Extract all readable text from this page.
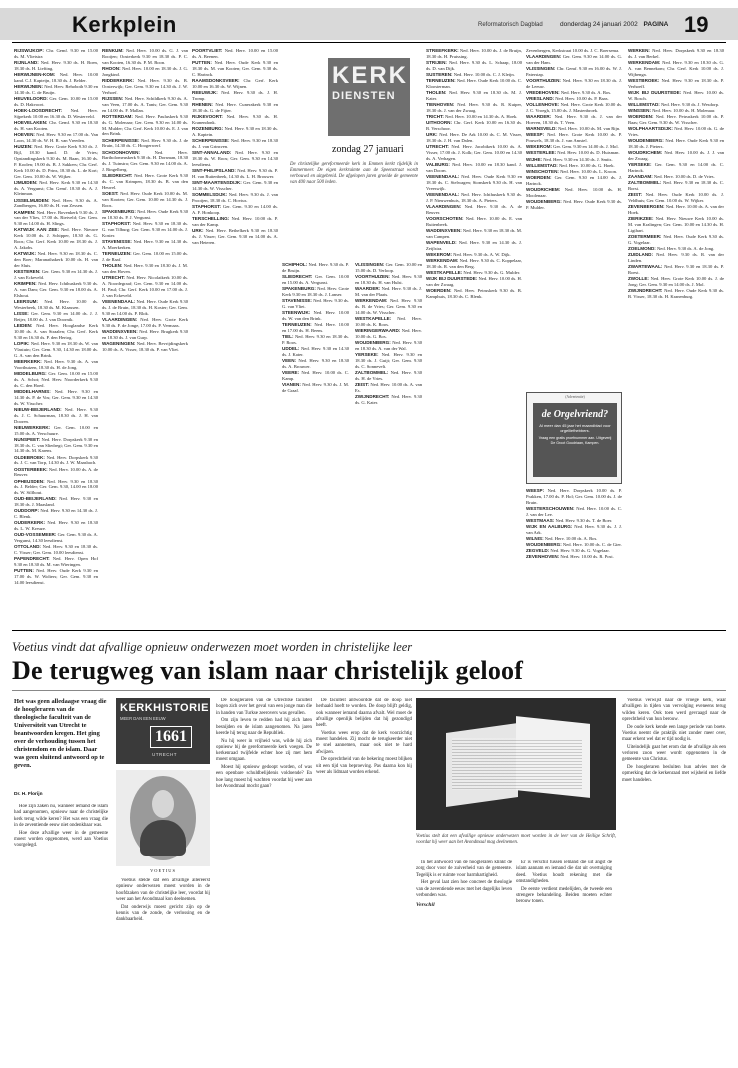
Kerkplein	Reformatorisch Dagblad	donderdag 24 januari 2002 PAGINA 19

RIJSWIJKOP: Chr. Gemf. 9.30 en 15.00 ds. M. Vlietstra

RIJNLAND: Ned. Herv. 9.30 ds. H. Boen, 18.30 ds. H. Liefting.

HERWIJNEN-KOM: Ned. Herv. 10.00 kand. C.J. Kapteijn, 18.30 ds. J. Belder.

HERWIJNEN: Ned. Herv. Rehoboth 9.30 en 14.30 ds. C. de Bruijn.

HEUVELOORD: Ger. Gem. 10.00 en 15.00 ds. D. Hakvoort.

HOEK-LOOSDRECHT: Ned. Herv. Sijpekerk 10.00 en 16.30 ds. D. Westerveld.

HOEVELAKEN: Chr. Gemf. 9.30 en 18.30 ds. H. van Kooten.

HOEVEN: Ned. Herv. 9.30 en 17.00 ds. Van Loon, 14.30 ds. W. H. R. van Vreeden.

HUIZEN: Ned. Herv. Grote Kerk 9.30 ds. J. Bijl, 18.30 kand. D. de Vries; Opstandingskerk 9.30 ds. M. Baan, 16.30 ds. P. Koolen; 19.00 ds. B. J. Sakkers; Chr. Gerf. Kerk 10.00 ds. D. Prins, 18.30 ds. L. de Kort; Ger. Gem. 10.00 ds. W. Wijker.

IJMUIDEN: Ned. Herv. Kerk 9.30 en 14.30 ds. A. Vergunst; Chr. Gemf. 18.30 ds. A. J. Kleinman.

IJSSELMUIDEN: Ned. Herv. 9.30 ds. A. Zandbergen, 16.00 ds. H. van Zessen.

KAMPEN: Ned. Herv. Bovenkerk 9.30 ds. J. van der Vlies, 17.00 ds. Rietveld; Ger. Gem. 9.30 en 14.00 ds. H. Slings.

KATWIJK AAN ZEE: Ned. Herv. Nieuwe Kerk 10.00 ds. J. Schipper, 18.30 ds. G. Roos; Chr. Gerf. Kerk 10.00 en 18.30 ds. J. A. Jakobs.

KATWIJK: Ned. Herv. 9.30 en 18.30 ds. C. den Boer; Maranathakerk 10.00 ds. H. van der Sluis.

KESTEREN: Ger. Gem. 9.30 en 14.30 ds. J. J. van Eckeveld.

KRIMPEN: Ned. Herv. Ichthuskerk 9.30 ds. A. van Dam; Ger. Gem. 9.30 en 18.00 ds. A. Elshout.

LEERSUM: Ned. Herv. 10.00 ds. Westerbeek, 18.30 ds. M. Klaassen.

LISSE: Ger. Gem. 9.30 en 14.00 ds. J. J. Beijer, 18.00 ds. J. van Doornik.

LEIDEN: Ned. Herv. Hooglandse Kerk 10.00 ds. A. van Straalen; Chr. Gerf. Kerk 9.30 en 16.30 ds. P. den Hertog.

LOPIK: Ned. Herv. 9.30 en 18.30 ds. W. van Vlastuin; Ger. Gem. 9.30, 14.30 en 18.00 ds. G. A. van den Brink.

MEERKERK: Ned. Herv. 9.30 ds. A. van Voorthuizen, 18.30 ds. H. de Jong.

MIDDELBURG: Ger. Gem. 10.00 en 15.00 ds. A. Schot; Ned. Herv. Noorderkerk 9.30 ds. C. den Hoed.

MIDDELHARNIS: Ned. Herv. 9.30 en 14.30 ds. P. de Vos; Ger. Gem. 9.30 en 14.30 ds. W. Visscher.

NIEUW-BEIJERLAND: Ned. Herv. 9.30 ds. J. C. Schuurman, 18.30 ds. J. H. van Dooren.

NIEUWERKERK: Ger. Gem. 10.00 en 15.00 ds. A. Verschuure.

NUNSPEET: Ned. Herv. Dorpskerk 9.30 en 18.30 ds. C. van Sliedregt; Ger. Gem. 9.30 en 14.30 ds. M. Karens.

OLDEBROEK: Ned. Herv. Dorpskerk 9.30 ds. J. C. van Torp, 14.30 ds. J. W. Maasbach.

OOSTERBEEK: Ned. Herv. 10.00 ds. A. de Reuver.

OPHEUSDEN: Ned. Herv. 9.30 en 18.30 ds. J. Belder; Ger. Gem. 9.30, 14.00 en 18.00 ds. W. Silfhout.

OUD-BEIJERLAND: Ned. Herv. 9.30 en 18.30 ds. J. Maasland.

OUDDORP: Ned. Herv. 9.30 en 14.30 ds. J. C. Blenk.

OUDERKERK: Ned. Herv. 9.30 en 18.30 ds. L. W. Kreuze.

OUD-VOSSEMEER: Ger. Gem. 9.30 ds. A. Vergunst, 14.30 leesdienst.

OTTOLAND: Ned. Herv. 9.30 en 18.30 ds. C. Visser; Ger. Gem. 10.00 leesdienst.

PAPENDRECHT: Ned. Herv. Open Hof 9.30 en 18.30 ds. M. van Wieringen.

PUTTEN: Ned. Herv. Oude Kerk 9.30 en 17.00 ds. W. Wolters; Ger. Gem. 9.30 en 14.00 leesdienst.

RENKUM: Ned. Herv. 10.00 ds. G. J. van Rooijen; Oosterkerk 9.30 en 18.30 ds. P. C. van Kooten, 16.30 ds. P. M. Boon.

RHOON: Ned. Herv. 10.00 en 18.30 ds. J. G. Jongkind.

RIDDERKERK: Ned. Herv. 9.30 ds. B. Oosterwijk; Ger. Gem. 9.30 en 14.30 ds. J. W. Verhoef.

RIJSSEN: Ned. Herv. Schildkerk 9.30 ds. A. van Veen, 17.00 ds. A. Tanis; Ger. Gem. 9.30 en 14.00 ds. F. Mallan.

ROTTERDAM: Ned. Herv. Pauluskerk 9.30 ds. G. Molenaar; Ger. Gem. 9.30 en 14.00 ds. M. Mulder; Chr. Gerf. Kerk 10.00 ds. E. J. van den Brink.

SCHERPENISSE: Ned. Herv. 9.30 ds. J. de Bruin, 14.30 ds. C. Hoogerwerf.

SCHOONHOVEN: Ned. Herv. Bartholomeuskerk 9.30 ds. H. Dorsman, 18.30 ds. J. Tuinstra; Ger. Gem. 9.30 en 14.00 ds. A. J. Ringelberg.

SLIEDRECHT: Ned. Herv. Grote Kerk 9.30 ds. C. van Krimpen, 18.30 ds. B. van den Heuvel.

SOEST: Ned. Herv. Oude Kerk 10.00 ds. M. van Kooten; Ger. Gem. 10.00 en 14.30 ds. J. Roos.

SPAKENBURG: Ned. Herv. Oude Kerk 9.30 en 18.30 ds. P. J. Vergunst.

STAPHORST: Ned. Herv. 9.30 en 18.30 ds. G. van Tilburg; Ger. Gem. 9.30 en 14.00 ds. J. Koster.

STAVENISSE: Ned. Herv. 9.30 en 14.30 ds. A. Moerkerken.

TERNEUZEN: Ger. Gem. 10.00 en 15.00 ds. J. de Raaf.

THOLEN: Ned. Herv. 9.30 en 18.30 ds. J. M. van den Hoven.

UTRECHT: Ned. Herv. Nicolaikerk 10.00 ds. A. Noordegraaf; Ger. Gem. 9.30 en 14.00 ds. H. Paul; Chr. Gerf. Kerk 10.00 en 17.00 ds. J. J. van Eckeveld.

VEENENDAAL: Ned. Herv. Oude Kerk 9.30 ds. J. de Bruin, 18.30 ds. H. Koster; Ger. Gem. 9.30 en 14.00 ds. P. Blok.

VLAARDINGEN: Ned. Herv. Grote Kerk 9.30 ds. F. de Jonge, 17.00 ds. P. Vermaas.

WADDINXVEEN: Ned. Herv. Brugkerk 9.30 en 18.30 ds. J. van Gurp.

WAGENINGEN: Ned. Herv. Bevrijdingskerk 10.00 ds. A. Visser, 18.30 ds. P. van Vliet.

POORTVLIET: Ned. Herv. 10.00 en 15.00 ds. A. Beenen.

PUTTEN: Ned. Herv. Oude Kerk 9.30 en 18.30 ds. M. van Kooten; Ger. Gem. 9.30 ds. C. Harinck.

RAAMSDONKSVEER: Chr. Gerf. Kerk 10.00 en 16.30 ds. W. Wijnen.

REEUWIJK: Ned. Herv. 9.30 ds. J. H. Tromp.

RHENEN: Ned. Herv. Cunerakerk 9.30 en 18.30 ds. G. de Fijter.

RIJKEVOORT: Ned. Herv. 9.30 ds. H. Kranendonk.

ROZENBURG: Ned. Herv. 9.30 en 18.30 ds. A. Kaptein.

SCHERPENISSE: Ned. Herv. 9.30 en 18.30 ds. J. van Grinsven.

SINT-ANNALAND: Ned. Herv. 9.30 en 18.30 ds. W. Roos; Ger. Gem. 9.30 en 14.30 leesdienst.

SINT-PHILIPSLAND: Ned. Herv. 9.30 ds. P. H. van Ruitenbeek, 14.30 ds. L. H. Brouwer.

SINT-MAARTENSDIJK: Ger. Gem. 9.30 en 14.30 ds. W. Visscher.

SOMMELSDIJK: Ned. Herv. 9.30 ds. J. van Prooijen, 18.30 ds. C. Hovius.

STAPHORST: Ger. Gem. 9.30 en 14.00 ds. A. F. Honkoop.

TERSCHELLING: Ned. Herv. 10.00 ds. P. van der Kamp.

URK: Ned. Herv. Bethelkerk 9.30 en 18.30 ds. J. Visser; Ger. Gem. 9.30 en 14.00 ds. A. van Heteren.

SCHIPHOL: Ned. Herv. 9.30 ds. P. de Bruijn.

SLIEDRECHT: Ger. Gem. 10.00 en 15.00 ds. A. Vergunst.

SPAKENBURG: Ned. Herv. Grote Kerk 9.30 en 18.30 ds. J. Lanser.

STAVENISSE: Ned. Herv. 9.30 ds. G. van Vliet.

STEENWIJK: Ned. Herv. 10.00 ds. W. van den Brink.

TERNEUZEN: Ned. Herv. 10.00 en 17.00 ds. H. Beens.

TIEL: Ned. Herv. 9.30 en 18.30 ds. P. Roos.

UDDEL: Ned. Herv. 9.30 en 14.30 ds. J. Kater.

VEEN: Ned. Herv. 9.30 en 18.30 ds. A. Brouwer.

VEERE: Ned. Herv. 10.00 ds. C. Kamp.

VIANEN: Ned. Herv. 9.30 ds. J. M. de Graaf.

VLISSINGEN: Ger. Gem. 10.00 en 15.00 ds. D. Verloop.

VOORTHUIZEN: Ned. Herv. 9.30 en 18.30 ds. H. van Hulst.

WAARDER: Ned. Herv. 9.30 ds. J. M. van der Plaats.

WERKENDAM: Ned. Herv. 9.30 ds. B. de Vries; Ger. Gem. 9.30 en 14.00 ds. W. Visscher.

WESTKAPELLE: Ned. Herv. 10.00 ds. K. Roos.

WIERINGERWAARD: Ned. Herv. 10.00 ds. G. Bos.

WOUDENBERG: Ned. Herv. 9.30 en 18.30 ds. A. van der Wal.

YERSEKE: Ned. Herv. 9.30 en 18.30 ds. J. Guijt; Ger. Gem. 9.30 ds. C. Sonnevelt.

ZALTBOMMEL: Ned. Herv. 9.30 ds. H. de Vries.

ZEIST: Ned. Herv. 10.00 ds. A. van Es.

ZWIJNDRECHT: Ned. Herv. 9.30 ds. G. Kater.

STREEFKERK: Ned. Herv. 10.00 ds. J. de Bruijn, 18.30 ds. H. Pruissing.

STRIJEN: Ned. Herv. 9.30 ds. L. Schaap, 18.00 ds. D. van Dijk.

SUSTEREN: Ned. Herv. 10.00 ds. C. J. Kleijn.

TERNEUZEN: Ned. Herv. Oude Kerk 10.00 ds. C. Kloosterman.

THOLEN: Ned. Herv. 9.30 en 18.30 ds. M. J. Kater.

TIENHOVEN: Ned. Herv. 9.30 ds. R. Kuiper, 18.30 ds. J. van der Zwaag.

TRICHT: Ned. Herv. 10.00 en 14.30 ds. A. Hoek.

UITHOORN: Chr. Gerf. Kerk 10.00 en 16.30 ds. B. Verschoor.

URK: Ned. Herv. De Ark 10.00 ds. C. M. Visser, 18.30 ds. J. H. van Dalen.

UTRECHT: Ned. Herv. Jacobikerk 10.00 ds. A. Visser, 17.00 ds. J. Kolk; Ger. Gem. 10.00 en 14.30 ds. A. Verhagen.

VALBURG: Ned. Herv. 10.00 en 18.30 kand. J. van Doorn.

VEENENDAAL: Ned. Herv. Oude Kerk 9.30 en 18.30 ds. C. Stelwagen; Sionskerk 9.30 ds. H. van Vreeswijk.

VEENENDAAL: Ned. Herv. Ichthuskerk 9.30 ds. J. P. Nieuwenhuis, 18.30 ds. A. Pieters.

VLAARDINGEN: Ned. Herv. 9.30 ds. A. de Reuver.

VOORSCHOTEN: Ned. Herv. 10.00 ds. E. van Ruitenbeek.

WADDINXVEEN: Ned. Herv. 9.30 en 18.30 ds. M. van Campen.

WAPENVELD: Ned. Herv. 9.30 en 14.30 ds. J. Zeijlstra.

WEKEROM: Ned. Herv. 9.30 ds. A. W. Dijk.

WERKENDAM: Ned. Herv. 9.30 ds. C. Koppelaar, 18.30 ds. R. van den Berg.

WESTKAPELLE: Ned. Herv. 9.30 ds. G. Mulder.

WIJK BIJ DUURSTEDE: Ned. Herv. 10.00 ds. H. van der Zwaag.

WOERDEN: Ned. Herv. Petruskerk 9.30 ds. B. Kamphuis, 18.30 ds. C. Blenk.

Zevenbergen, Kerkstraat 10.00 ds. J. C. Boersema.

VLAARDINGEN: Ger. Gem. 9.30 en 14.00 ds. G. van der Ham.

VLISSINGEN: Chr. Gemf. 9.30 en 16.00 ds. W. J. Paterstap.

VOORTHUIZEN: Ned. Herv. 9.30 en 18.30 ds. J. de Leeuw.

VREDEHOVEN: Ned. Herv. 9.30 ds. A. Bos.

VRIESLAND: Ned. Herv. 10.00 ds. P. Baas.

VOLLENHOVE: Ned. Herv. Grote Kerk 10.00 ds. J. C. Vroegh, 15.00 ds. J. Mastenbroek.

WAARDER: Ned. Herv. 9.30 ds. J. van der Hoeven, 18.30 ds. T. Veen.

WARNSVELD: Ned. Herv. 10.00 ds. M. van Rijn.

WEESP: Ned. Herv. Grote Kerk 10.00 ds. P. Pouwels, 18.30 ds. J. van Amstel.

WEKEROM: Ger. Gem. 9.30 en 14.00 ds. J. Mol.

WESTERLEE: Ned. Herv. 10.00 ds. D. Huisman.

WIJHE: Ned. Herv. 9.30 en 14.30 ds. J. Smits.

WILLEMSTAD: Ned. Herv. 10.00 ds. G. Hoek.

WINSCHOTEN: Ned. Herv. 10.00 ds. L. Kroon.

WOERDEN: Ger. Gem. 9.30 en 14.00 ds. J. Harinck.

WOUDRICHEM: Ned. Herv. 10.00 ds. H. Moolenaar.

WOUDENBERG: Ned. Herv. Oude Kerk 9.30 ds. P. Mulder.

WEESP: Ned. Herv. Dorpskerk 10.00 ds. P. Prakken, 17.00 ds. P. Hol; Ger. Gem. 10.00 ds. J. de Bruin.

WESTERSCHOUWEN: Ned. Herv. 10.00 ds. C. J. van der Lee.

WESTMAAS: Ned. Herv. 9.30 ds. T. de Boer.

WIJK EN AALBURG: Ned. Herv. 9.30 ds. J. J. van Ark.

WILNIS: Ned. Herv. 10.00 ds. A. Bos.

WOUDENBERG: Ned. Herv. 10.00 ds. C. de Gier.

ZEGVELD: Ned. Herv. 9.30 ds. G. Vogelaar.

ZEVENHOVEN: Ned. Herv. 10.00 ds. R. Post.

WERKEN: Ned. Herv. Dorpskerk 9.30 en 18.30 ds. J. van Berkel.

WERKENDAM: Ned. Herv. 9.30 en 18.30 ds. G. A. van Bennekom; Chr. Gerf. Kerk 10.00 ds. J. Wijbenga.

WESTBROEK: Ned. Herv. 9.30 en 18.30 ds. P. Verhoeff.

WIJK BIJ DUURSTEDE: Ned. Herv. 10.00 ds. W. Bosch.

WILLEMSTAD: Ned. Herv. 9.30 ds. J. Wesdorp.

WINSSEN: Ned. Herv. 10.00 ds. H. Molenaar.

WOERDEN: Ned. Herv. Petruskerk 10.00 ds. P. Baas; Ger. Gem. 9.30 ds. W. Visscher.

WOLPHAARTSDIJK: Ned. Herv. 10.00 ds. G. de Vries.

WOUDENBERG: Ned. Herv. Oude Kerk 9.30 en 18.30 ds. J. Pieters.

WOUDRICHEM: Ned. Herv. 10.00 ds. J. J. van der Zwaag.

YERSEKE: Ger. Gem. 9.30 en 14.00 ds. C. Harinck.

ZAANDAM: Ned. Herv. 10.00 ds. D. de Vries.

ZALTBOMMEL: Ned. Herv. 9.30 en 18.30 ds. C. Borst.

ZEIST: Ned. Herv. Oude Kerk 10.00 ds. J. Veldhuis; Ger. Gem. 10.00 ds. W. Wijker.

ZEVENBERGEN: Ned. Herv. 10.00 ds. A. van der Hoek.

ZIERIKZEE: Ned. Herv. Nieuwe Kerk 10.00 ds. M. van Kralingen; Ger. Gem. 10.00 en 14.30 ds. H. Ligthart.

ZOETERMEER: Ned. Herv. Oude Kerk 9.30 ds. G. Vogelaar.

ZOELMOND: Ned. Herv. 9.30 ds. A. de Jong.

ZUIDLAND: Ned. Herv. 9.30 ds. R. van der Linden.

ZWARTEWAAL: Ned. Herv. 9.30 en 18.30 ds. P. Roest.

ZWOLLE: Ned. Herv. Grote Kerk 10.00 ds. J. de Jong; Ger. Gem. 9.30 en 14.00 ds. J. Mol.

ZWIJNDRECHT: Ned. Herv. Oude Kerk 9.30 ds. B. Visser, 18.30 ds. H. Kranenburg.

KERK
DIENSTEN
zondag 27 januari
De christelijke gereformeerde kerk in Emmen kerkt tijdelijk in Emmermeer. De eigen kerkruimte aan de Speenstraat wordt verbouwd en uitgebreid. De afgelopen jaren groeide de gemeente van 400 naar 500 leden.
(Advertentie)
de Orgelvriend?
Al meer dan 45 jaar het maandblad voor orgelliefhebbers.
Vraag een gratis proefnummer aan. Uitgeverij De Groot Goudriaan, Kampen.
Voetius vindt dat afvallige opnieuw onderwezen moet worden in christelijke leer
De terugweg van islam naar christelijk geloof
Het was geen alledaagse vraag die de hoogleraren van de theologische faculteit van de Universiteit van Utrecht te beantwoorden kregen. Het ging over de verhouding tussen het christendom en de islam. Daar was geen sluitend antwoord op te geven.
Dr. H. Florijn

Hoe zijn zaken nu, wanneer iemand de islam had aangenomen, opnieuw naar de christelijke kerk terug wilde keren? Het was een vraag die in de zeventiende eeuw niet ondenkbaar was.

Hoe deze afvallige weer in de gemeente moest worden opgenomen, werd aan Voetius voorgelegd.

KERKHISTORIE
MEER DAN EEN EEUW
1661
UTRECHT
VOETIUS

Voetius stelde dat een afvallige allereerst opnieuw onderwezen moest worden in de hoofdzaken van de christelijke leer, voordat hij weer aan het Avondmaal kon deelnemen.

Dat onderwijs moest gericht zijn op de kennis van de zonde, de verlossing en de dankbaarheid.

De hoogleraren van de Utrechtse faculteit bogen zich over het geval van een jonge man die in handen van Turkse zeerovers was gevallen.

Om zijn leven te redden had hij zich laten besnijden en de islam aangenomen. Na jaren keerde hij terug naar de Republiek.

Nu hij weer in vrijheid was, wilde hij zich opnieuw bij de gereformeerde kerk voegen. De kerkenraad twijfelde echter hoe zij met hem moest omgaan.

Moest hij opnieuw gedoopt worden, of was een openbare schuldbelijdenis voldoende? En hoe lang moest hij wachten voordat hij weer aan het Avondmaal mocht gaan?

De faculteit antwoordde dat de doop niet herhaald hoeft te worden. De doop blijft geldig, ook wanneer iemand daarna afvalt. Wel moet de afvallige openlijk belijden dat hij gezondigd heeft.

Voetius wees erop dat de kerk voorzichtig moest handelen. Zij mocht de terugkeerder niet te snel aannemen, maar ook niet te hard afwijzen.

De oprechtheid van de bekering moest blijken uit een tijd van beproeving. Pas daarna kon hij weer als lidmaat worden erkend.

Voetius stelt dat een afvallige opnieuw onderwezen moet worden in de leer van de Heilige Schrift, voordat hij weer aan het Avondmaal mag deelnemen.

In het antwoord van de hoogleraren klinkt de zorg door voor de zuiverheid van de gemeente. Tegelijk is er ruimte voor barmhartigheid.

Het geval laat zien hoe concreet de theologie van de zeventiende eeuw met het dagelijks leven verbonden was.

Verschil

Er is verschil tussen iemand die uit angst de islam aannam en iemand die dat uit overtuiging deed. Voetius houdt rekening met die omstandigheden.

De eerste verdient medelijden, de tweede een strengere behandeling. Beiden moeten echter berouw tonen.

Voetius verwijst naar de vroege kerk, waar afvalligen in tijden van vervolging eveneens terug wilden keren. Ook toen werd gevraagd naar de oprechtheid van hun berouw.

De oude kerk kende een lange periode van boete. Voetius neemt die praktijk niet zonder meer over, maar erkent wel dat er tijd nodig is.

Uiteindelijk gaat het erom dat de afvallige als een verloren zoon weer wordt opgenomen in de gemeente van Christus.

De hoogleraren besluiten hun advies met de opmerking dat de kerkenraad met wijsheid en liefde moet handelen.
